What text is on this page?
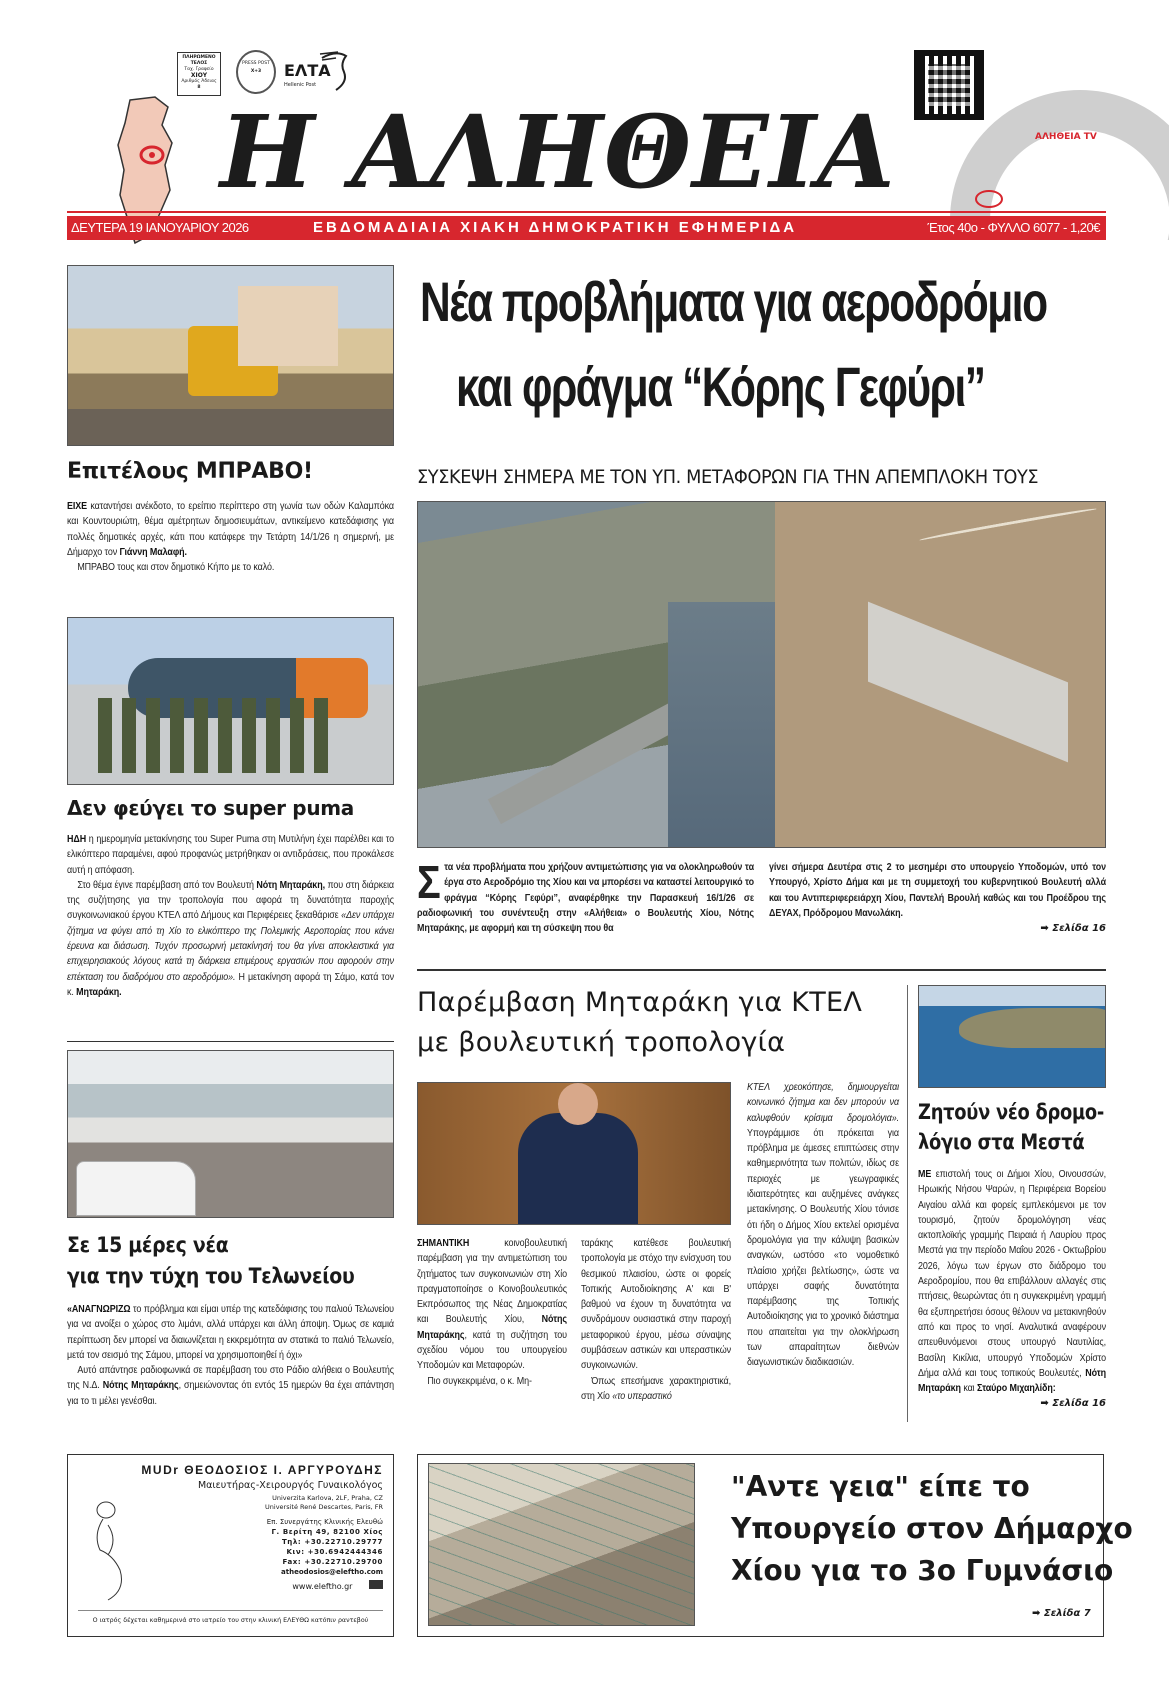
ΠΛΗΡΩΜΕΝΟ ΤΕΛΟΣ
Ταχ. Γραφείο
ΧΙΟΥ
Αριθμός Άδειας
8
PRESS POST
X+3	ΕΛΤΑ
Hellenic Post
Η ΑΛΗΘΕΙΑ	ΑΛΗΘΕΙΑ TV
ΔΕΥΤΕΡΑ 19 ΙΑΝΟΥΑΡΙΟΥ 2026	ΕΒΔΟΜΑΔΙΑΙΑ ΧΙΑΚΗ ΔΗΜΟΚΡΑΤΙΚΗ ΕΦΗΜΕΡΙΔΑ	Έτος 40ο - ΦΥΛΛΟ 6077 - 1,20€
Επιτέλους ΜΠΡΑΒΟ!

ΕΙΧΕ καταντήσει ανέκδοτο, το ερείπιο περίπτερο στη γωνία των οδών Καλαμπόκα και Κουντουριώτη, θέμα αμέτρητων δημοσιευμάτων, αντικείμενο κατεδάφισης για πολλές δημοτικές αρχές, κάτι που κατάφερε την Τετάρτη 14/1/26 η σημερινή, με Δήμαρχο τον Γιάννη Μαλαφή.

ΜΠΡΑΒΟ τους και στον δημοτικό Κήπο με το καλό.

Δεν φεύγει το super puma

ΗΔΗ η ημερομηνία μετακίνησης του Super Puma στη Μυτιλήνη έχει παρέλθει και το ελικόπτερο παραμένει, αφού προφανώς μετρήθηκαν οι αντιδράσεις, που προκάλεσε αυτή η απόφαση.

Στο θέμα έγινε παρέμβαση από τον Βουλευτή Νότη Μηταράκη, που στη διάρκεια της συζήτησης για την τροπολογία που αφορά τη δυνατότητα παροχής συγκοινωνιακού έργου ΚΤΕΛ από Δήμους και Περιφέρειες ξεκαθάρισε «Δεν υπάρχει ζήτημα να φύγει από τη Χίο το ελικόπτερο της Πολεμικής Αεροπορίας που κάνει έρευνα και διάσωση. Τυχόν προσωρινή μετακίνησή του θα γίνει αποκλειστικά για επιχειρησιακούς λόγους κατά τη διάρκεια επιμέρους εργασιών που αφορούν στην επέκταση του διαδρόμου στο αεροδρόμιο». Η μετακίνηση αφορά τη Σάμο, κατά τον κ. Μηταράκη.

Σε 15 μέρες νέα
για την τύχη του Τελωνείου

«ΑΝΑΓΝΩΡΙΖΩ το πρόβλημα και είμαι υπέρ της κατεδάφισης του παλιού Τελωνείου για να ανοίξει ο χώρος στο λιμάνι, αλλά υπάρχει και άλλη άποψη. Όμως σε καμιά περίπτωση δεν μπορεί να διαιωνίζεται η εκκρεμότητα αν στατικά το παλιό Τελωνείο, μετά τον σεισμό της Σάμου, μπορεί να χρησιμοποιηθεί ή όχι»

Αυτό απάντησε ραδιοφωνικά σε παρέμβαση του στο Ράδιο αλήθεια ο Βουλευτής της Ν.Δ. Νότης Μηταράκης, σημειώνοντας ότι εντός 15 ημερών θα έχει απάντηση για το τι μέλει γενέσθαι.

MUDr ΘΕΟΔΟΣΙΟΣ Ι. ΑΡΓΥΡΟΥΔΗΣ
Μαιευτήρας-Χειρουργός Γυναικολόγος
Univerzita Karlova, 2LF, Praha, CZ
Université René Descartes, Paris, FR
Επ. Συνεργάτης Κλινικής Ελευθώ
Γ. Βερίτη 49, 82100 Χίος
Τηλ: +30.22710.29777
Κιν: +30.6942444346
Fax: +30.22710.29700
atheodosios@eleftho.com
www.eleftho.gr
Ο ιατρός δέχεται καθημερινά στο ιατρείο του στην κλινική ΕΛΕΥΘΩ κατόπιν ραντεβού
Νέα προβλήματα για αεροδρόμιο
και φράγμα “Κόρης Γεφύρι”
ΣΥΣΚΕΨΗ ΣΗΜΕΡΑ ΜΕ ΤΟΝ ΥΠ. ΜΕΤΑΦΟΡΩΝ ΓΙΑ ΤΗΝ ΑΠΕΜΠΛΟΚΗ ΤΟΥΣ
Στα νέα προβλήματα που χρήζουν αντιμετώπισης για να ολοκληρωθούν τα έργα στο Αεροδρόμιο της Χίου και να μπορέσει να καταστεί λειτουργικό το φράγμα “Κόρης Γεφύρι”, αναφέρθηκε την Παρασκευή 16/1/26 σε ραδιοφωνική του συνέντευξη στην «Αλήθεια» ο Βουλευτής Χίου, Νότης Μηταράκης, με αφορμή και τη σύσκεψη που θα
γίνει σήμερα Δευτέρα στις 2 το μεσημέρι στο υπουργείο Υποδομών, υπό τον Υπουργό, Χρίστο Δήμα και με τη συμμετοχή του κυβερνητικού Βουλευτή αλλά και του Αντιπεριφερειάρχη Χίου, Παντελή Βρουλή καθώς και του Προέδρου της ΔΕΥΑΧ, Πρόδρομου Μανωλάκη.
➡ Σελίδα 16
Παρέμβαση Μηταράκη για ΚΤΕΛ
με βουλευτική τροπολογία

ΣΗΜΑΝΤΙΚΗ κοινοβουλευτική παρέμβαση για την αντιμετώπιση του ζητήματος των συγκοινωνιών στη Χίο πραγματοποίησε ο Κοινοβουλευτικός Εκπρόσωπος της Νέας Δημοκρατίας και Βουλευτής Χίου, Νότης Μηταράκης, κατά τη συζήτηση του σχεδίου νόμου του υπουργείου Υποδομών και Μεταφορών.

Πιο συγκεκριμένα, ο κ. Μη-

ταράκης κατέθεσε βουλευτική τροπολογία με στόχο την ενίσχυση του θεσμικού πλαισίου, ώστε οι φορείς Τοπικής Αυτοδιοίκησης Α' και Β' βαθμού να έχουν τη δυνατότητα να συνδράμουν ουσιαστικά στην παροχή μεταφορικού έργου, μέσω σύναψης συμβάσεων αστικών και υπεραστικών συγκοινωνιών.

Όπως επεσήμανε χαρακτηριστικά, στη Χίο «το υπεραστικό

ΚΤΕΛ χρεοκόπησε, δημιουργείται κοινωνικό ζήτημα και δεν μπορούν να καλυφθούν κρίσιμα δρομολόγια». Υπογράμμισε ότι πρόκειται για πρόβλημα με άμεσες επιπτώσεις στην καθημερινότητα των πολιτών, ιδίως σε περιοχές με γεωγραφικές ιδιαιτερότητες και αυξημένες ανάγκες μετακίνησης. Ο Βουλευτής Χίου τόνισε ότι ήδη ο Δήμος Χίου εκτελεί ορισμένα δρομολόγια για την κάλυψη βασικών αναγκών, ωστόσο «το νομοθετικό πλαίσιο χρήζει βελτίωσης», ώστε να υπάρχει σαφής δυνατότητα παρέμβασης της Τοπικής Αυτοδιοίκησης για το χρονικό διάστημα που απαιτείται για την ολοκλήρωση των απαραίτητων διεθνών διαγωνιστικών διαδικασιών.

Ζητούν νέο δρομο-
λόγιο στα Μεστά

ΜΕ επιστολή τους οι Δήμοι Χίου, Οινουσσών, Ηρωικής Νήσου Ψαρών, η Περιφέρεια Βορείου Αιγαίου αλλά και φορείς εμπλεκόμενοι με τον τουρισμό, ζητούν δρομολόγηση νέας ακτοπλοϊκής γραμμής Πειραιά ή Λαυρίου προς Μεστά για την περίοδο Μαΐου 2026 - Οκτωβρίου 2026, λόγω των έργων στο διάδρομο του Αεροδρομίου, που θα επιβάλλουν αλλαγές στις πτήσεις, θεωρώντας ότι η συγκεκριμένη γραμμή θα εξυπηρετήσει όσους θέλουν να μετακινηθούν από και προς το νησί. Αναλυτικά αναφέρουν απευθυνόμενοι στους υπουργό Ναυτιλίας, Βασίλη Κικίλια, υπουργό Υποδομών Χρίστο Δήμα αλλά και τους τοπικούς Βουλευτές, Νότη Μηταράκη και Σταύρο Μιχαηλίδη:

➡ Σελίδα 16
"Αντε γεια" είπε το
Υπουργείο στον Δήμαρχο
Χίου για το 3ο Γυμνάσιο
➡ Σελίδα 7
